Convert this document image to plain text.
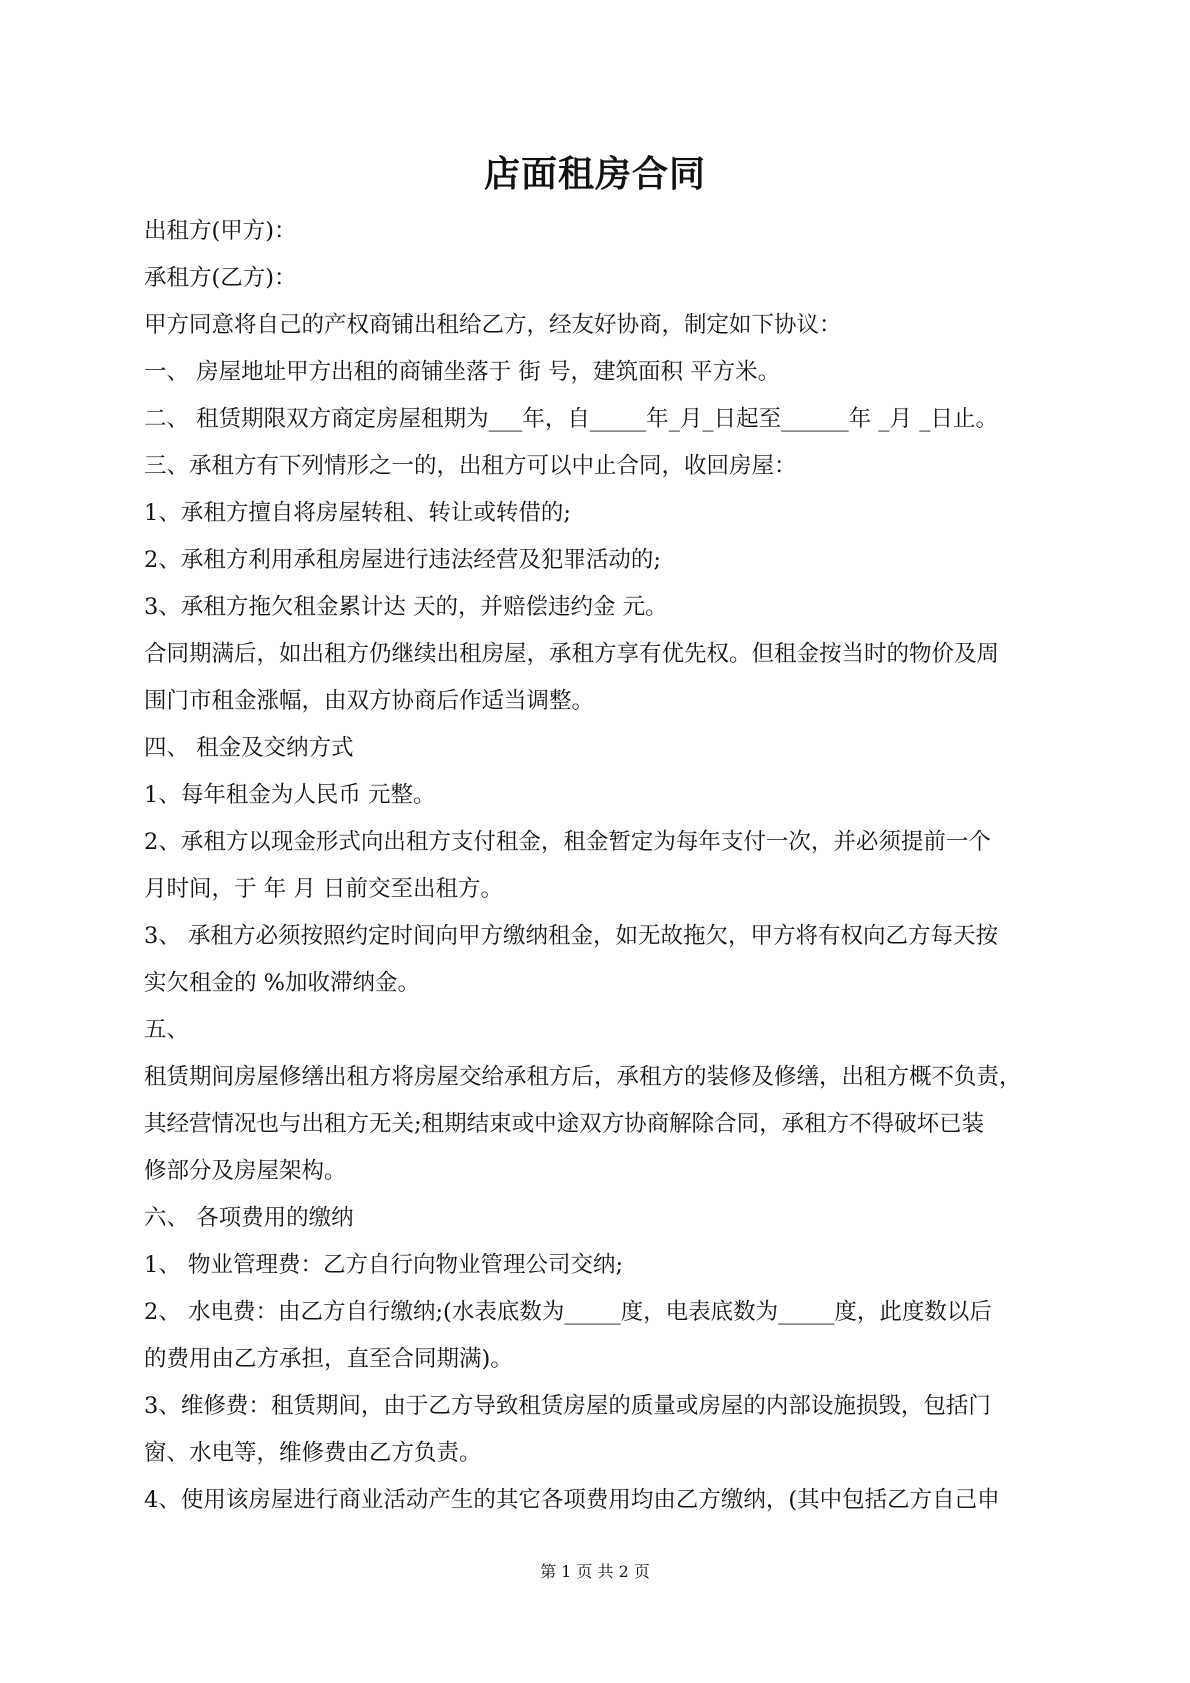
店面租房合同
出租方(甲方)：
承租方(乙方)：
甲方同意将自己的产权商铺出租给乙方，经友好协商，制定如下协议：
一、 房屋地址甲方出租的商铺坐落于 街 号，建筑面积 平方米。
二、 租赁期限双方商定房屋租期为___年，自_____年_月_日起至______年 _月 _日止。
三、承租方有下列情形之一的，出租方可以中止合同，收回房屋：
1、承租方擅自将房屋转租、转让或转借的;
2、承租方利用承租房屋进行违法经营及犯罪活动的;
3、承租方拖欠租金累计达 天的，并赔偿违约金 元。
合同期满后，如出租方仍继续出租房屋，承租方享有优先权。但租金按当时的物价及周
围门市租金涨幅，由双方协商后作适当调整。
四、 租金及交纳方式
1、每年租金为人民币 元整。
2、承租方以现金形式向出租方支付租金，租金暂定为每年支付一次，并必须提前一个
月时间，于 年 月 日前交至出租方。
3、 承租方必须按照约定时间向甲方缴纳租金，如无故拖欠，甲方将有权向乙方每天按
实欠租金的 %加收滞纳金。
五、
租赁期间房屋修缮出租方将房屋交给承租方后，承租方的装修及修缮，出租方概不负责，
其经营情况也与出租方无关;租期结束或中途双方协商解除合同，承租方不得破坏已装
修部分及房屋架构。
六、 各项费用的缴纳
1、 物业管理费：乙方自行向物业管理公司交纳;
2、 水电费：由乙方自行缴纳;(水表底数为_____度，电表底数为_____度，此度数以后
的费用由乙方承担，直至合同期满)。
3、维修费：租赁期间，由于乙方导致租赁房屋的质量或房屋的内部设施损毁，包括门
窗、水电等，维修费由乙方负责。
4、使用该房屋进行商业活动产生的其它各项费用均由乙方缴纳，(其中包括乙方自己申
第 1 页 共 2 页
